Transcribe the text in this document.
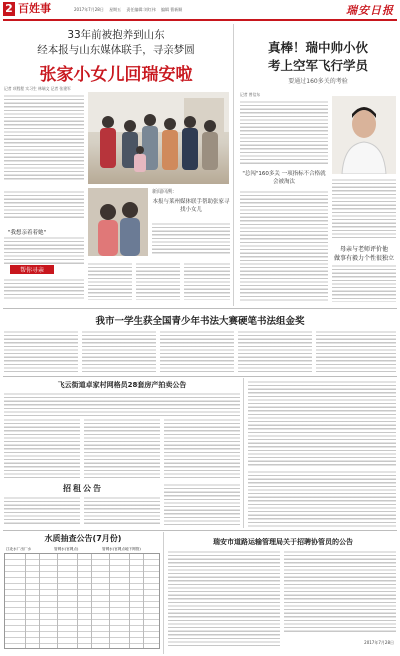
2 百姓事	2017年7月28日 星期五 责任编辑:刘红伟 编辑 曹新顺	瑞安日报
33年前被抱养到山东
经本报与山东媒体联手，寻亲梦圆
张家小女儿回瑞安啦
记者 项程程 实习生 林瑞文 记者 张建军
新闻回溯：
本报与莱州媒体联手帮助张家寻找小女儿
"我想亲着着她"
帮你寻亲
真棒！瑞中帅小伙
考上空军飞行学员
要通过160多关的考验
记者 曾信东
"总闯"160多关 一项指标不合格就会被淘汰
母亲与老师评价他
做事有毅力个性很独立
我市一学生获全国青少年书法大赛硬笔书法组金奖
飞云街道卓家村网格员28套房产拍卖公告
招租公告
水质抽查公告(7月份)
江北水厂出厂水	管网水(官网点)	管网水(官网点地下网管)
瑞安市道路运输管理局关于招聘协管员的公告
2017年7月28日
